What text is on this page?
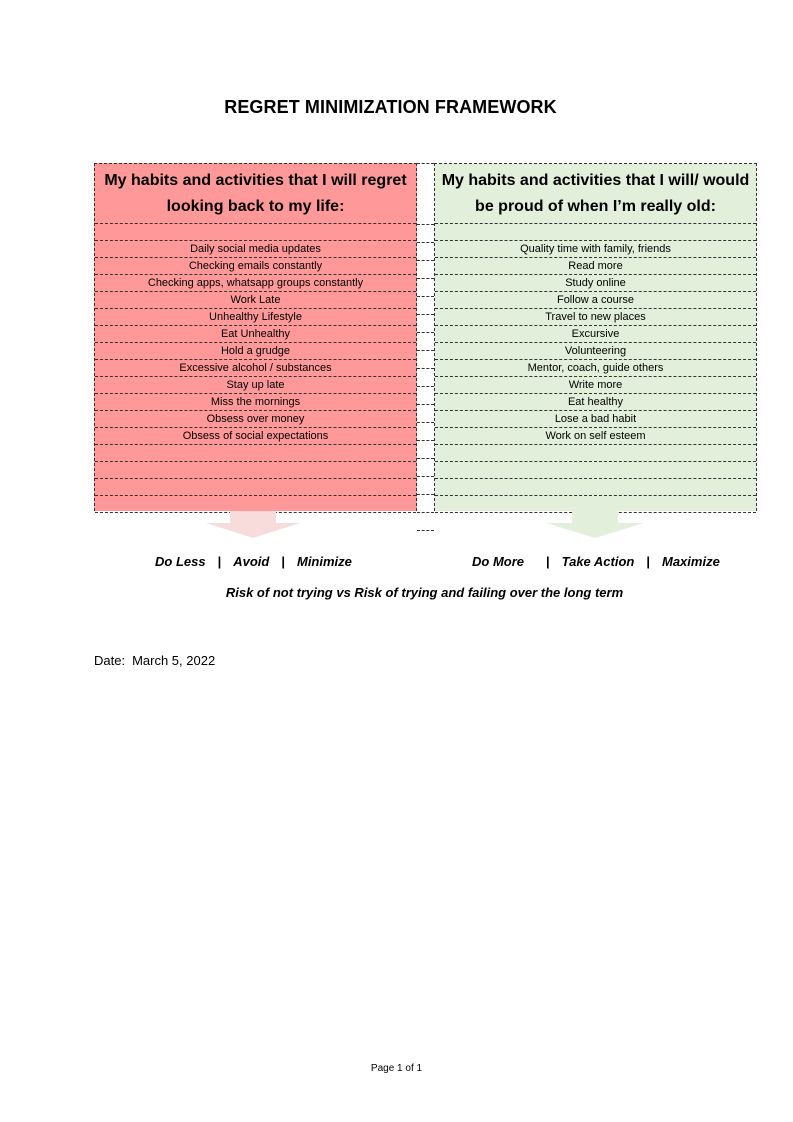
REGRET MINIMIZATION FRAMEWORK
My habits and activities that I will regret looking back to my life:
Daily social media updates
Checking emails constantly
Checking apps, whatsapp groups constantly
Work Late
Unhealthy Lifestyle
Eat Unhealthy
Hold a grudge
Excessive alcohol / substances
Stay up late
Miss the mornings
Obsess over money
Obsess of social expectations
My habits and activities that I will/ would be proud of when I’m really old:
Quality time with family, friends
Read more
Study online
Follow a course
Travel to new places
Excursive
Volunteering
Mentor, coach, guide others
Write more
Eat healthy
Lose a bad habit
Work on self esteem
Do Less | Avoid | Minimize	Do More | Take Action | Maximize
Risk of not trying vs Risk of trying and failing over the long term
Date: March 5, 2022
Page 1 of 1
